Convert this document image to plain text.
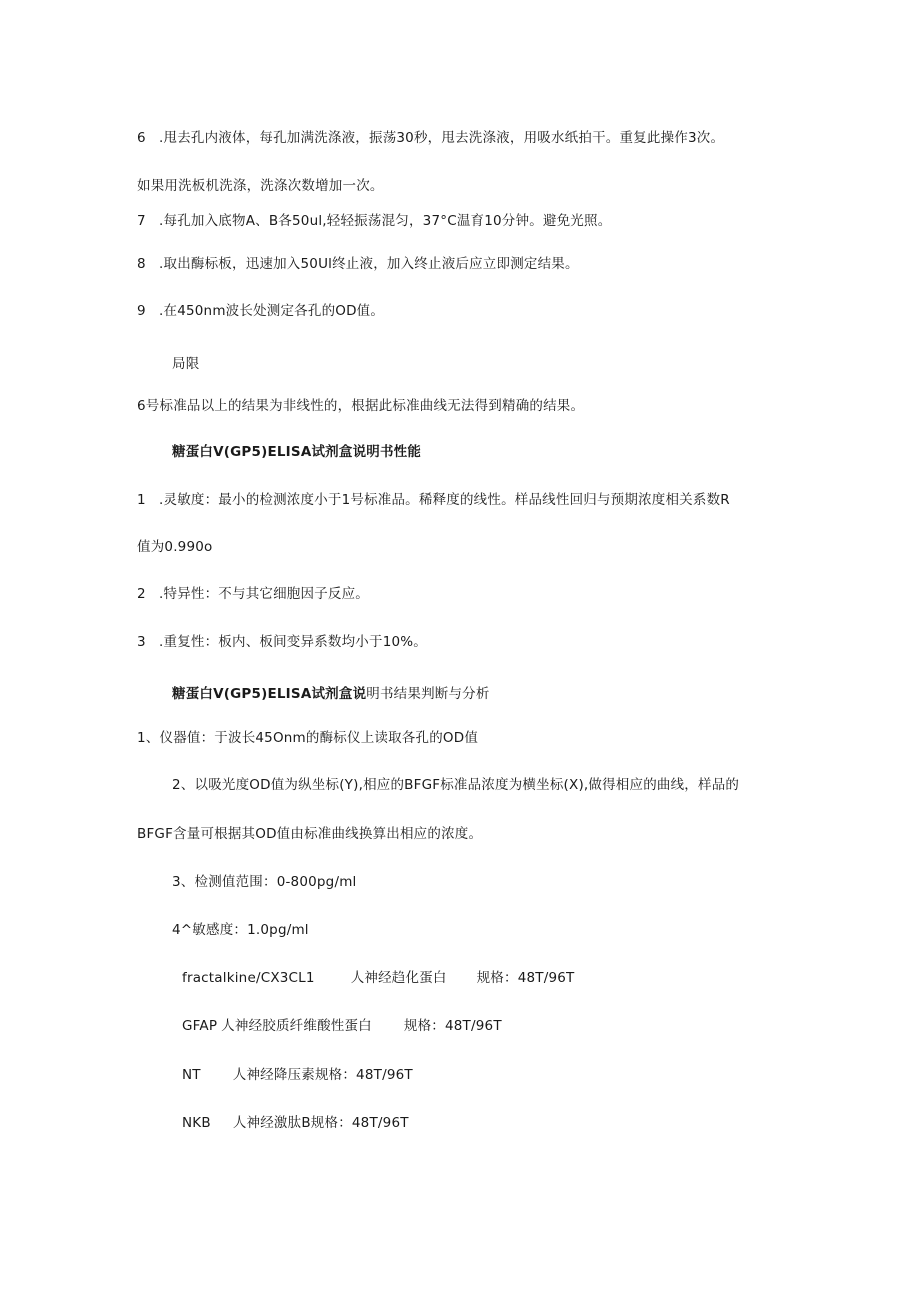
6 .甩去孔内液体，每孔加满洗涤液，振荡30秒，甩去洗涤液，用吸水纸拍干。重复此操作3次。
如果用洗板机洗涤，洗涤次数增加一次。
7 .每孔加入底物A、B各50ul,轻轻振荡混匀，37°C温育10分钟。避免光照。
8 .取出酶标板，迅速加入50Ul终止液，加入终止液后应立即测定结果。
9 .在450nm波长处测定各孔的OD值。
局限
6号标准品以上的结果为非线性的，根据此标准曲线无法得到精确的结果。
糖蛋白V(GP5)ELISA试剂盒说明书性能
1 .灵敏度：最小的检测浓度小于1号标准品。稀释度的线性。样品线性回归与预期浓度相关系数R
值为0.990o
2 .特异性：不与其它细胞因子反应。
3 .重复性：板内、板间变异系数均小于10%。
糖蛋白V(GP5)ELISA试剂盒说明书结果判断与分析
1、仪器值：于波长45Onm的酶标仪上读取各孔的OD值
2、以吸光度OD值为纵坐标(Y),相应的BFGF标准品浓度为横坐标(X),做得相应的曲线，样品的
BFGF含量可根据其OD值由标准曲线换算出相应的浓度。
3、检测值范围：0-800pg∕ml
4^敏感度：1.0pg/ml
fractalkine∕CX3CL1	人神经趋化蛋白 规格：48T/96T
GFAP 人神经胶质纤维酸性蛋白 规格：48T/96T
NT 人神经降压素规格：48T/96T
NKB 人神经激肽B规格：48T/96T
